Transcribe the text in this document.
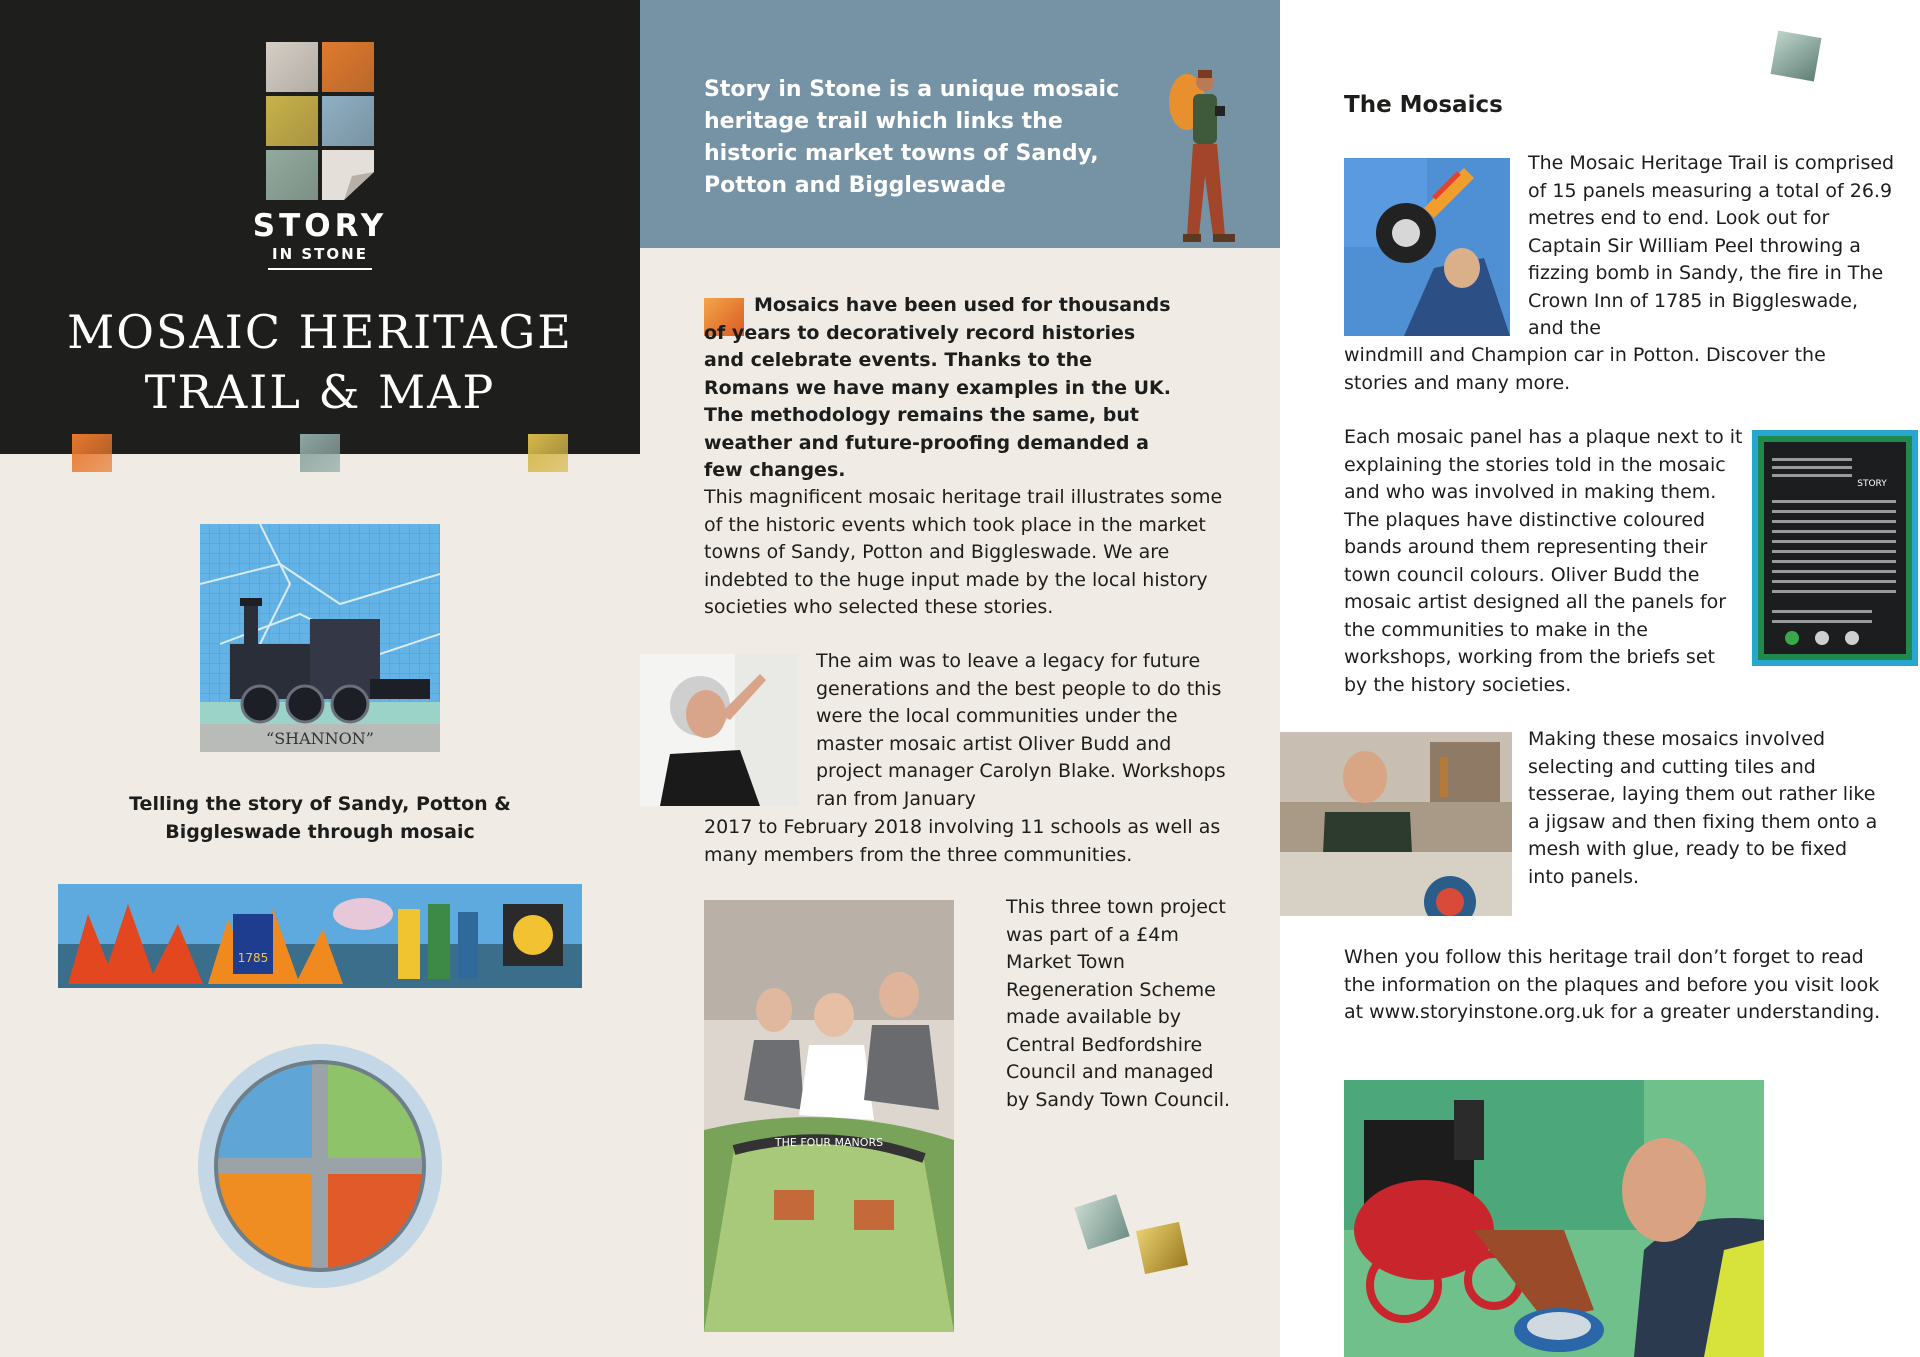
STORY
IN STONE
MOSAIC HERITAGE
TRAIL & MAP
“SHANNON”
Telling the story of Sandy, Potton & Biggleswade through mosaic
1785
Story in Stone is a unique mosaic heritage trail which links the historic market towns of Sandy, Potton and Biggleswade
Mosaics have been used for thousands of years to decoratively record histories and celebrate events. Thanks to the Romans we have many examples in the UK. The methodology remains the same, but weather and future-proofing demanded a few changes.
This magnificent mosaic heritage trail illustrates some of the historic events which took place in the market towns of Sandy, Potton and Biggleswade. We are indebted to the huge input made by the local history societies who selected these stories.
The aim was to leave a legacy for future generations and the best people to do this were the local communities under the master mosaic artist Oliver Budd and project manager Carolyn Blake. Workshops ran from January
2017 to February 2018 involving 11 schools as well as many members from the three communities.
THE FOUR MANORS
This three town project was part of a £4m Market Town Regeneration Scheme made available by Central Bedfordshire Council and managed by Sandy Town Council.
The Mosaics
The Mosaic Heritage Trail is comprised of 15 panels measuring a total of 26.9 metres end to end. Look out for Captain Sir William Peel throwing a fizzing bomb in Sandy, the fire in The Crown Inn of 1785 in Biggleswade, and the
windmill and Champion car in Potton. Discover the stories and many more.
STORY
Each mosaic panel has a plaque next to it explaining the stories told in the mosaic and who was involved in making them. The plaques have distinctive coloured bands around them representing their town council colours. Oliver Budd the mosaic artist designed all the panels for the communities to make in the workshops, working from the briefs set by the history societies.
Making these mosaics involved selecting and cutting tiles and tesserae, laying them out rather like a jigsaw and then fixing them onto a mesh with glue, ready to be fixed into panels.
When you follow this heritage trail don’t forget to read the information on the plaques and before you visit look at www.storyinstone.org.uk for a greater understanding.
